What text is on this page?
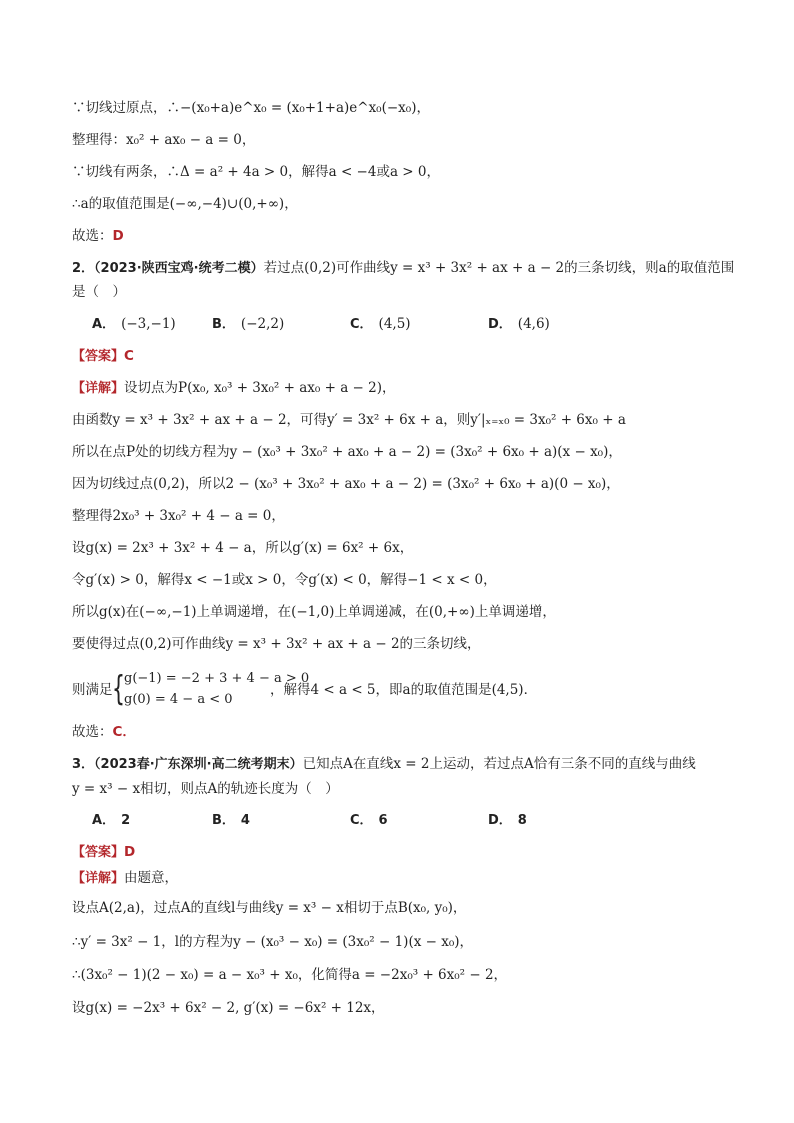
∵切线过原点，∴−(x₀+a)e^x₀ = (x₀+1+a)e^x₀(−x₀)，
整理得：x₀² + ax₀ − a = 0，
∵切线有两条，∴Δ = a² + 4a > 0，解得a < −4或a > 0，
∴a的取值范围是(−∞,−4)∪(0,+∞)，
故选：D
2．（2023·陕西宝鸡·统考二模）若过点(0,2)可作曲线y = x³ + 3x² + ax + a − 2的三条切线，则a的取值范围
是（　）
A． (−3,−1)	B． (−2,2)	C． (4,5)	D． (4,6)
【答案】C
【详解】设切点为P(x₀, x₀³ + 3x₀² + ax₀ + a − 2)，
由函数y = x³ + 3x² + ax + a − 2，可得y′ = 3x² + 6x + a，则y′|ₓ₌ₓ₀ = 3x₀² + 6x₀ + a
所以在点P处的切线方程为y − (x₀³ + 3x₀² + ax₀ + a − 2) = (3x₀² + 6x₀ + a)(x − x₀)，
因为切线过点(0,2)，所以2 − (x₀³ + 3x₀² + ax₀ + a − 2) = (3x₀² + 6x₀ + a)(0 − x₀)，
整理得2x₀³ + 3x₀² + 4 − a = 0，
设g(x) = 2x³ + 3x² + 4 − a，所以g′(x) = 6x² + 6x，
令g′(x) > 0，解得x < −1或x > 0，令g′(x) < 0，解得−1 < x < 0，
所以g(x)在(−∞,−1)上单调递增，在(−1,0)上单调递减，在(0,+∞)上单调递增，
要使得过点(0,2)可作曲线y = x³ + 3x² + ax + a − 2的三条切线，
则满足 { g(−1) = −2 + 3 + 4 − a > 0
g(0) = 4 − a < 0
，解得4 < a < 5，即a的取值范围是(4,5)．
故选：C．
3．（2023春·广东深圳·高二统考期末）已知点A在直线x = 2上运动，若过点A恰有三条不同的直线与曲线
y = x³ − x相切，则点A的轨迹长度为（　）
A． 2	B． 4	C． 6	D． 8
【答案】D
【详解】由题意，
设点A(2,a)，过点A的直线l与曲线y = x³ − x相切于点B(x₀, y₀)，
∴y′ = 3x² − 1，l的方程为y − (x₀³ − x₀) = (3x₀² − 1)(x − x₀)，
∴(3x₀² − 1)(2 − x₀) = a − x₀³ + x₀，化简得a = −2x₀³ + 6x₀² − 2，
设g(x) = −2x³ + 6x² − 2, g′(x) = −6x² + 12x，
